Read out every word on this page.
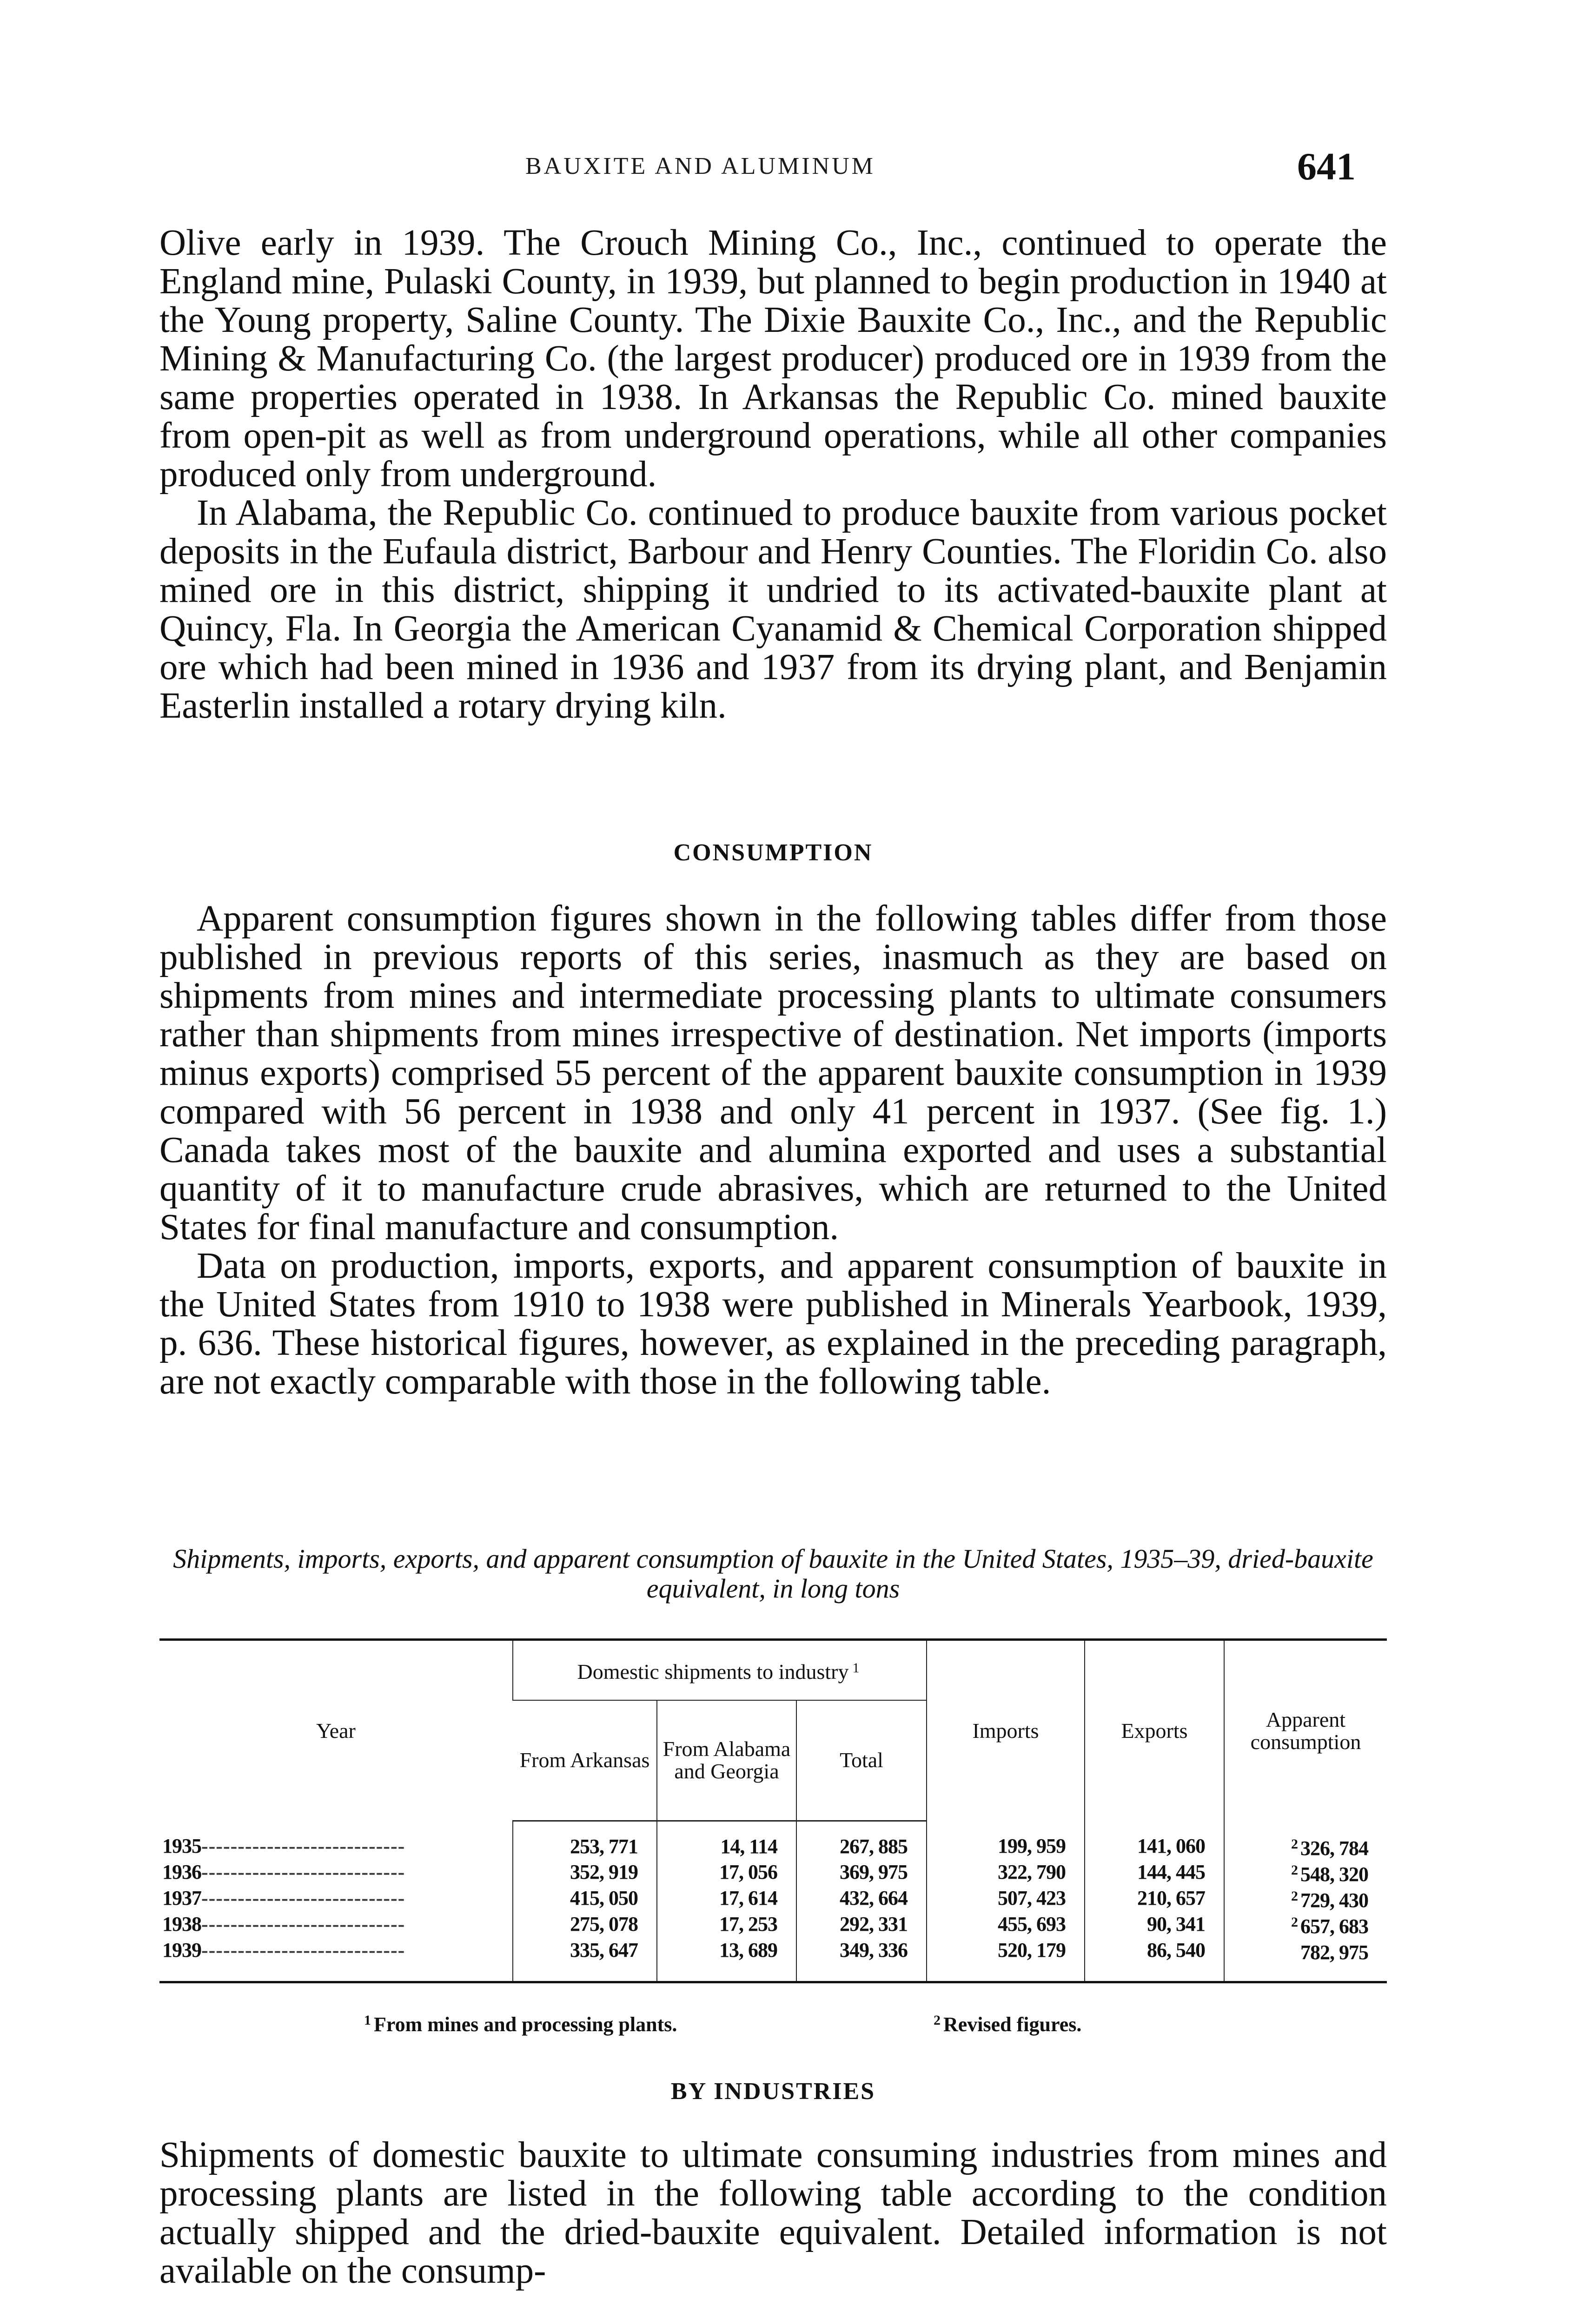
BAUXITE AND ALUMINUM	641

Olive early in 1939. The Crouch Mining Co., Inc., continued to operate the England mine, Pulaski County, in 1939, but planned to begin production in 1940 at the Young property, Saline County. The Dixie Bauxite Co., Inc., and the Republic Mining & Manufacturing Co. (the largest producer) produced ore in 1939 from the same properties operated in 1938. In Arkansas the Republic Co. mined bauxite from open-pit as well as from underground operations, while all other companies produced only from underground.

In Alabama, the Republic Co. continued to produce bauxite from various pocket deposits in the Eufaula district, Barbour and Henry Counties. The Floridin Co. also mined ore in this district, shipping it undried to its activated-bauxite plant at Quincy, Fla. In Georgia the American Cyanamid & Chemical Corporation shipped ore which had been mined in 1936 and 1937 from its drying plant, and Benjamin Easterlin installed a rotary drying kiln.

CONSUMPTION

Apparent consumption figures shown in the following tables differ from those published in previous reports of this series, inasmuch as they are based on shipments from mines and intermediate processing plants to ultimate consumers rather than shipments from mines irrespective of destination. Net imports (imports minus exports) comprised 55 percent of the apparent bauxite consumption in 1939 compared with 56 percent in 1938 and only 41 percent in 1937. (See fig. 1.) Canada takes most of the bauxite and alumina exported and uses a substantial quantity of it to manufacture crude abrasives, which are returned to the United States for final manufacture and consumption.

Data on production, imports, exports, and apparent consumption of bauxite in the United States from 1910 to 1938 were published in Minerals Yearbook, 1939, p. 636. These historical figures, however, as explained in the preceding paragraph, are not exactly comparable with those in the following table.

Shipments, imports, exports, and apparent consumption of bauxite in the United States, 1935–39, dried-bauxite equivalent, in long tons
Year	Domestic shipments to industry $^1$			Imports	Exports	Apparent consumption
	From Arkansas	From Alabama and Georgia	Total			
1935----------------------------	253, 771	14, 114	267, 885	199, 959	141, 060	$^2$ 326, 784
1936----------------------------	352, 919	17, 056	369, 975	322, 790	144, 445	$^2$ 548, 320
1937----------------------------	415, 050	17, 614	432, 664	507, 423	210, 657	$^2$ 729, 430
1938----------------------------	275, 078	17, 253	292, 331	455, 693	90, 341	$^2$ 657, 683
1939----------------------------	335, 647	13, 689	349, 336	520, 179	86, 540	782, 975
$^1$ From mines and processing plants.	$^2$ Revised figures.
BY INDUSTRIES

Shipments of domestic bauxite to ultimate consuming industries from mines and processing plants are listed in the following table according to the condition actually shipped and the dried-bauxite equivalent. Detailed information is not available on the consump-
